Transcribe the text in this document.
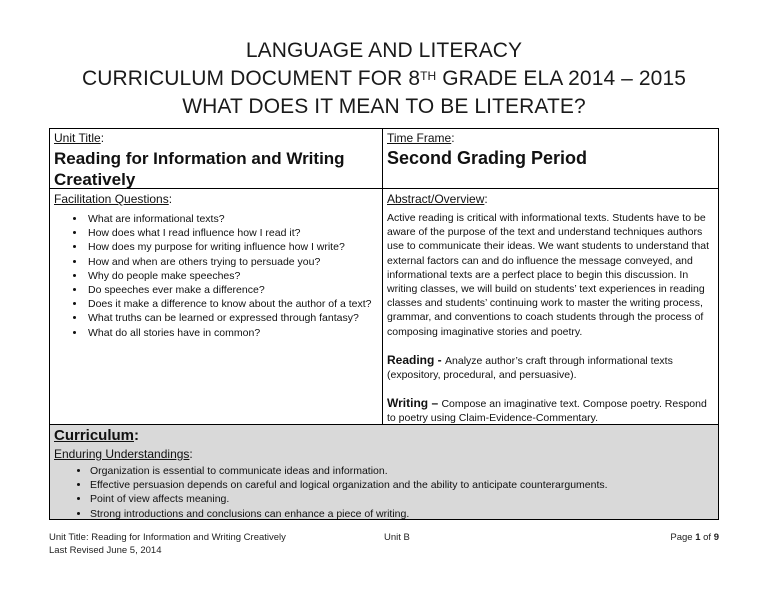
LANGUAGE AND LITERACY
CURRICULUM DOCUMENT FOR 8TH GRADE ELA 2014 – 2015
WHAT DOES IT MEAN TO BE LITERATE?
Unit Title:
Reading for Information and Writing Creatively
Time Frame:
Second Grading Period
Facilitation Questions:
• What are informational texts?
• How does what I read influence how I read it?
• How does my purpose for writing influence how I write?
• How and when are others trying to persuade you?
• Why do people make speeches?
• Do speeches ever make a difference?
• Does it make a difference to know about the author of a text?
• What truths can be learned or expressed through fantasy?
• What do all stories have in common?
Abstract/Overview:
Active reading is critical with informational texts. Students have to be aware of the purpose of the text and understand techniques authors use to communicate their ideas. We want students to understand that external factors can and do influence the message conveyed, and informational texts are a perfect place to begin this discussion. In writing classes, we will build on students’ text experiences in reading classes and students’ continuing work to master the writing process, grammar, and conventions to coach students through the process of composing imaginative stories and poetry.
Reading - Analyze author’s craft through informational texts (expository, procedural, and persuasive).
Writing – Compose an imaginative text. Compose poetry. Respond to poetry using Claim-Evidence-Commentary.
Curriculum:
Enduring Understandings:
• Organization is essential to communicate ideas and information.
• Effective persuasion depends on careful and logical organization and the ability to anticipate counterarguments.
• Point of view affects meaning.
• Strong introductions and conclusions can enhance a piece of writing.
Unit Title: Reading for Information and Writing Creatively
Last Revised June 5, 2014
Unit B	Page 1 of 9
